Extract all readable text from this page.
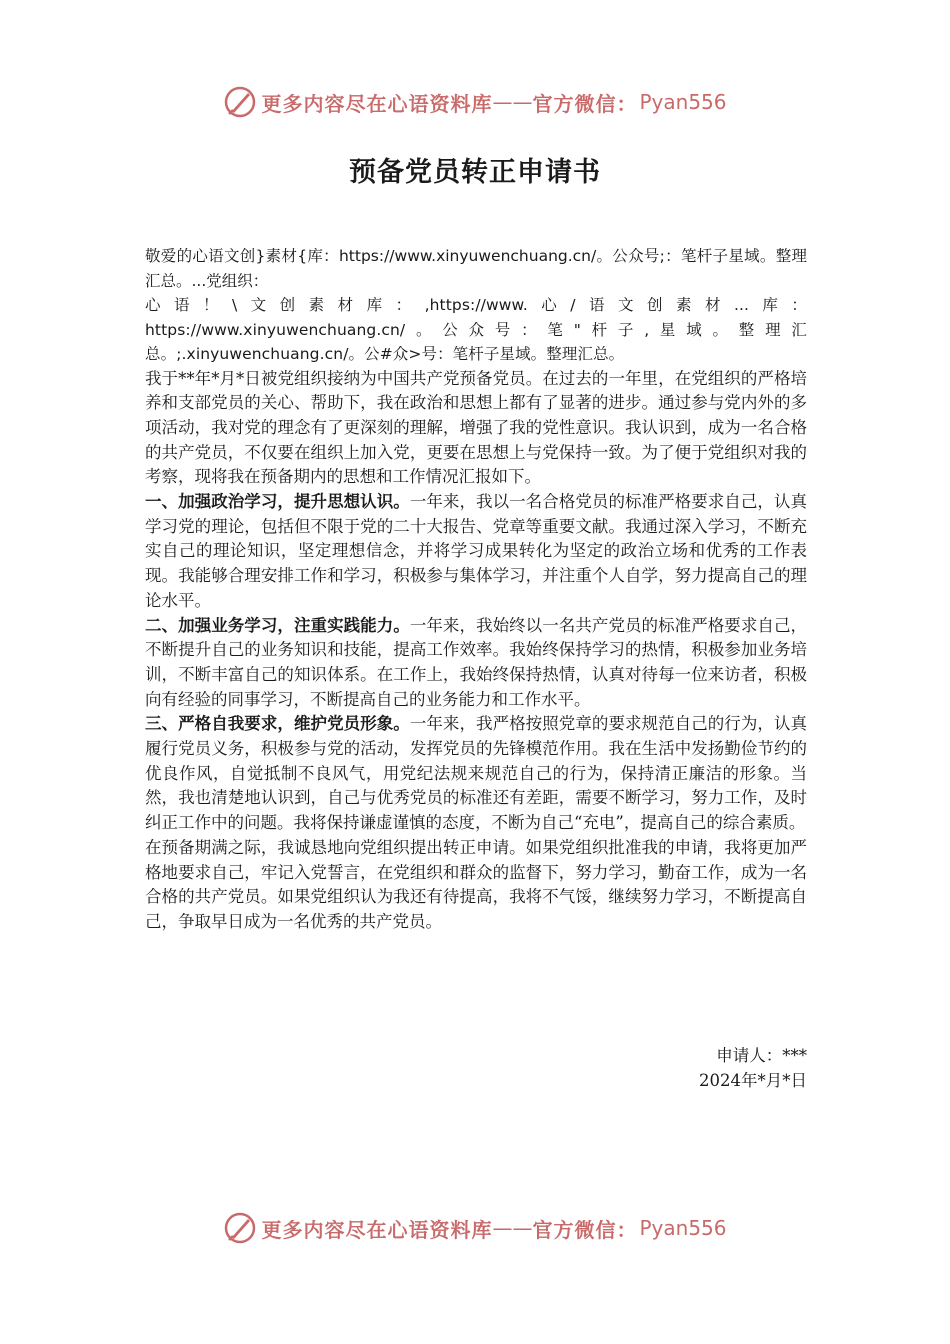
更多内容尽在心语资料库 —— 官方微信： Pyan556
预备党员转正申请书
敬爱的心语文创}素材{库：https://www.xinyuwenchuang.cn/。公众号;：笔杆子星域。整理汇总。...党组织：
心语！\文创素材库：,https://www.心/语文创素材...库：https://www.xinyuwenchuang.cn/。公众号：笔"杆子,星域。整理汇总。;.xinyuwenchuang.cn/。公#众>号：笔杆子星域。整理汇总。
我于**年*月*日被党组织接纳为中国共产党预备党员。在过去的一年里，在党组织的严格培养和支部党员的关心、帮助下，我在政治和思想上都有了显著的进步。通过参与党内外的多项活动，我对党的理念有了更深刻的理解，增强了我的党性意识。我认识到，成为一名合格的共产党员，不仅要在组织上加入党，更要在思想上与党保持一致。为了便于党组织对我的考察，现将我在预备期内的思想和工作情况汇报如下。
一、加强政治学习，提升思想认识。一年来，我以一名合格党员的标准严格要求自己，认真学习党的理论，包括但不限于党的二十大报告、党章等重要文献。我通过深入学习，不断充实自己的理论知识，坚定理想信念，并将学习成果转化为坚定的政治立场和优秀的工作表现。我能够合理安排工作和学习，积极参与集体学习，并注重个人自学，努力提高自己的理论水平。
二、加强业务学习，注重实践能力。一年来，我始终以一名共产党员的标准严格要求自己，不断提升自己的业务知识和技能，提高工作效率。我始终保持学习的热情，积极参加业务培训，不断丰富自己的知识体系。在工作上，我始终保持热情，认真对待每一位来访者，积极向有经验的同事学习，不断提高自己的业务能力和工作水平。
三、严格自我要求，维护党员形象。一年来，我严格按照党章的要求规范自己的行为，认真履行党员义务，积极参与党的活动，发挥党员的先锋模范作用。我在生活中发扬勤俭节约的优良作风，自觉抵制不良风气，用党纪法规来规范自己的行为，保持清正廉洁的形象。当然，我也清楚地认识到，自己与优秀党员的标准还有差距，需要不断学习，努力工作，及时纠正工作中的问题。我将保持谦虚谨慎的态度，不断为自己“充电”，提高自己的综合素质。
在预备期满之际，我诚恳地向党组织提出转正申请。如果党组织批准我的申请，我将更加严格地要求自己，牢记入党誓言，在党组织和群众的监督下，努力学习，勤奋工作，成为一名合格的共产党员。如果党组织认为我还有待提高，我将不气馁，继续努力学习，不断提高自己，争取早日成为一名优秀的共产党员。
申请人：***
2024年*月*日
更多内容尽在心语资料库 —— 官方微信： Pyan556
